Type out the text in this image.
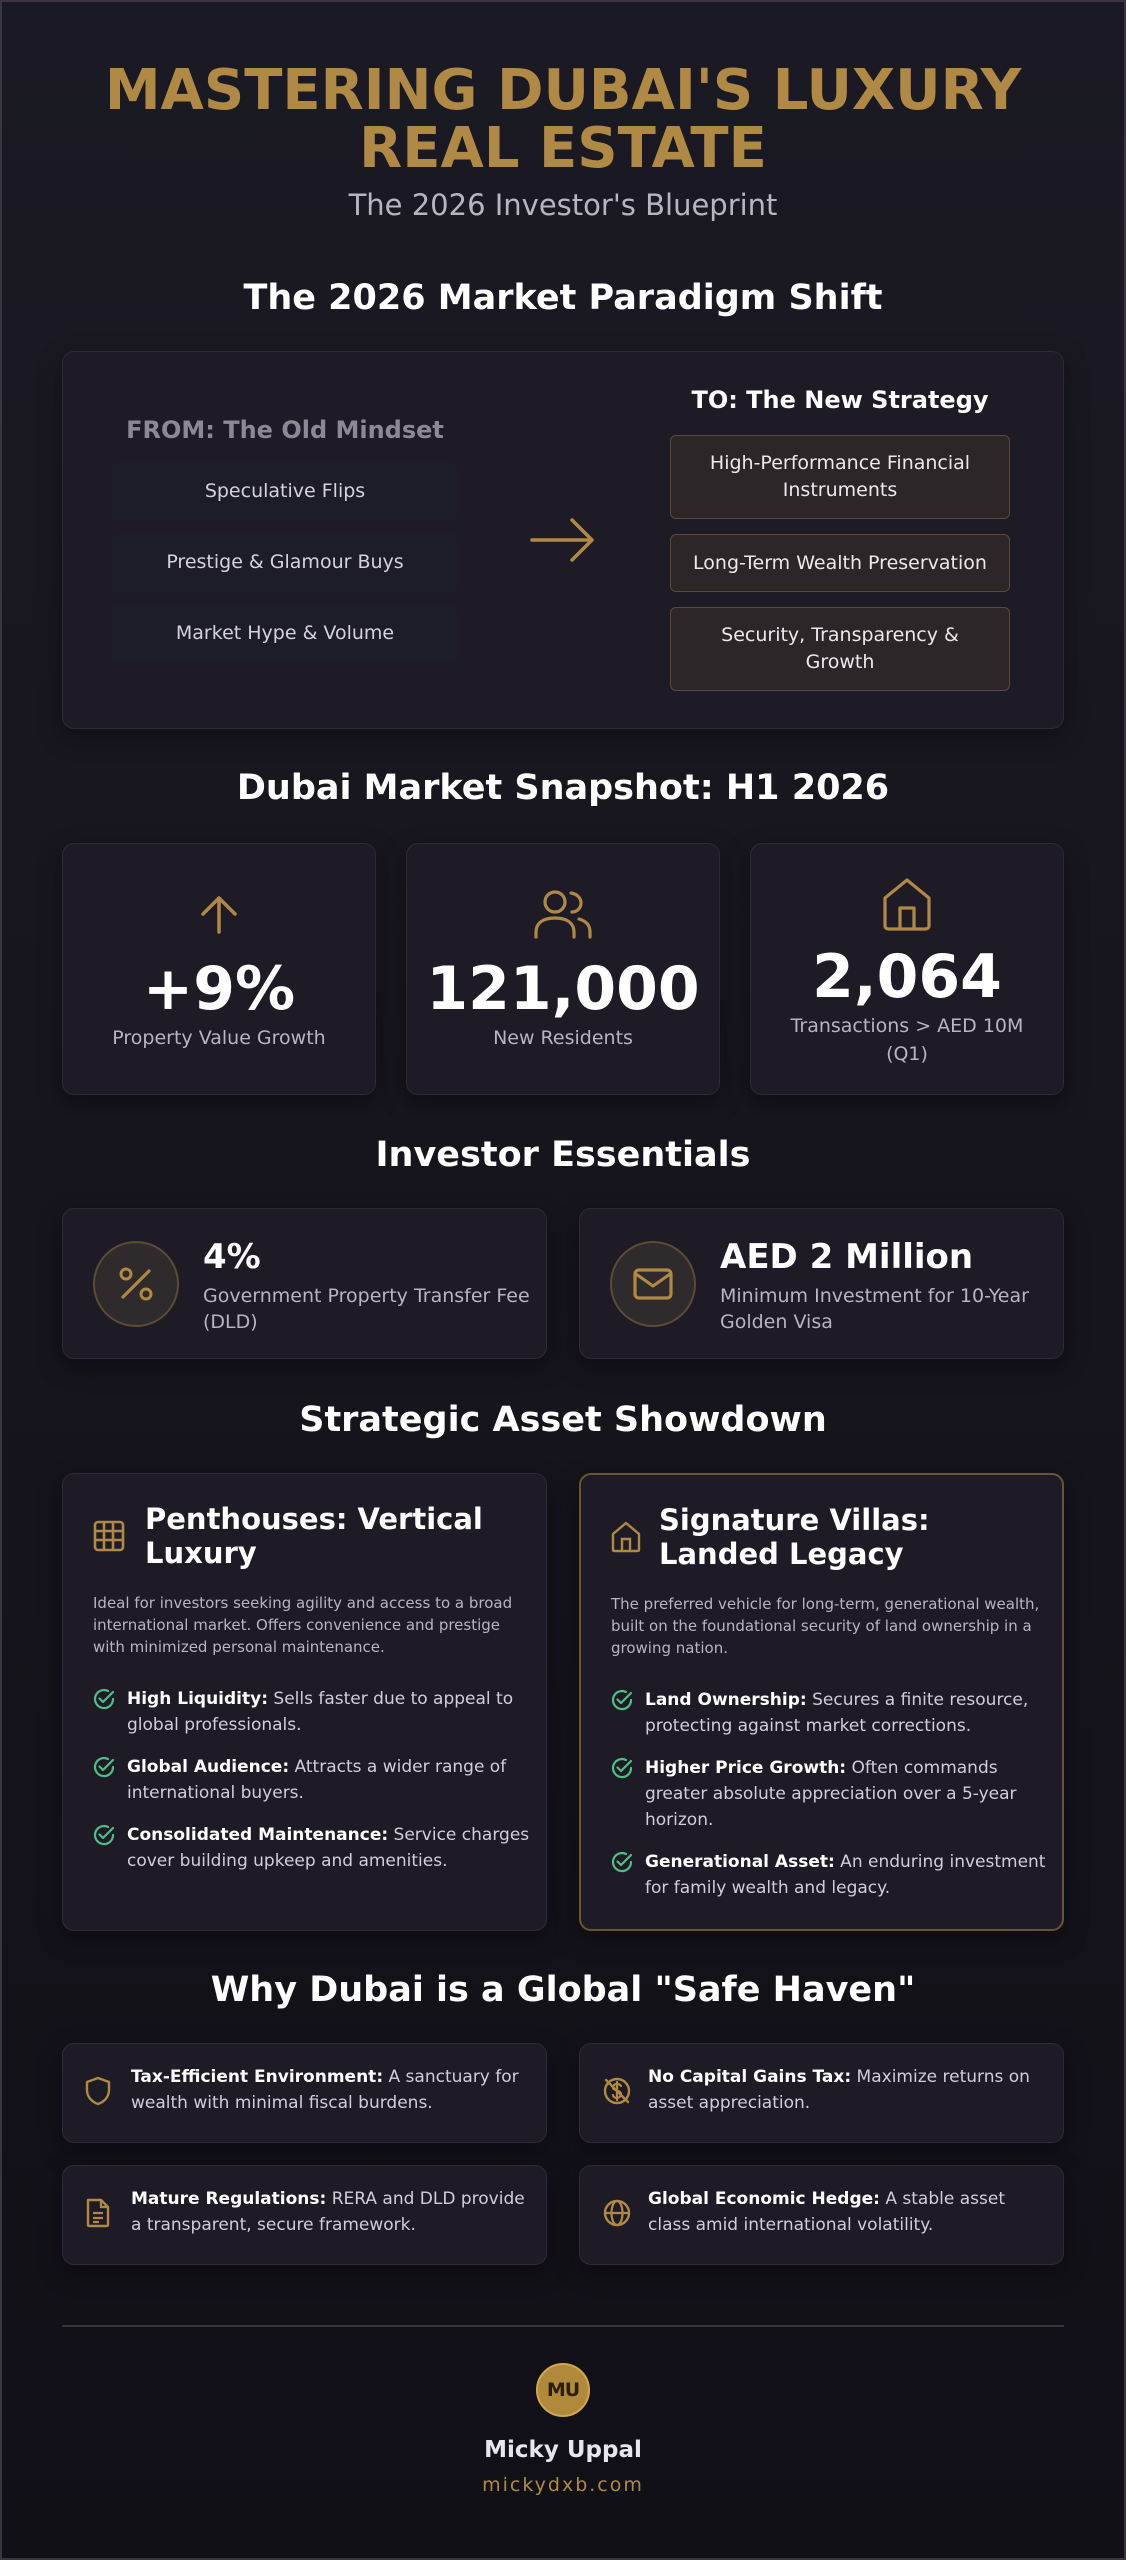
MASTERING DUBAI'S LUXURY
REAL ESTATE
The 2026 Investor's Blueprint
The 2026 Market Paradigm Shift
FROM: The Old Mindset
Speculative Flips
Prestige & Glamour Buys
Market Hype & Volume
TO: The New Strategy
High-Performance Financial Instruments
Long-Term Wealth Preservation
Security, Transparency & Growth
Dubai Market Snapshot: H1 2026
+9%
Property Value Growth
121,000
New Residents
2,064
Transactions > AED 10M (Q1)
Investor Essentials
4%
Government Property Transfer Fee (DLD)
AED 2 Million
Minimum Investment for 10-Year Golden Visa
Strategic Asset Showdown
Penthouses: Vertical Luxury
Ideal for investors seeking agility and access to a broad international market. Offers convenience and prestige with minimized personal maintenance.
High Liquidity: Sells faster due to appeal to global professionals.
Global Audience: Attracts a wider range of international buyers.
Consolidated Maintenance: Service charges cover building upkeep and amenities.
Signature Villas: Landed Legacy
The preferred vehicle for long-term, generational wealth, built on the foundational security of land ownership in a growing nation.
Land Ownership: Secures a finite resource, protecting against market corrections.
Higher Price Growth: Often commands greater absolute appreciation over a 5-year horizon.
Generational Asset: An enduring investment for family wealth and legacy.
Why Dubai is a Global "Safe Haven"
Tax-Efficient Environment: A sanctuary for wealth with minimal fiscal burdens.
No Capital Gains Tax: Maximize returns on asset appreciation.
Mature Regulations: RERA and DLD provide a transparent, secure framework.
Global Economic Hedge: A stable asset class amid international volatility.
MU
Micky Uppal
mickydxb.com
